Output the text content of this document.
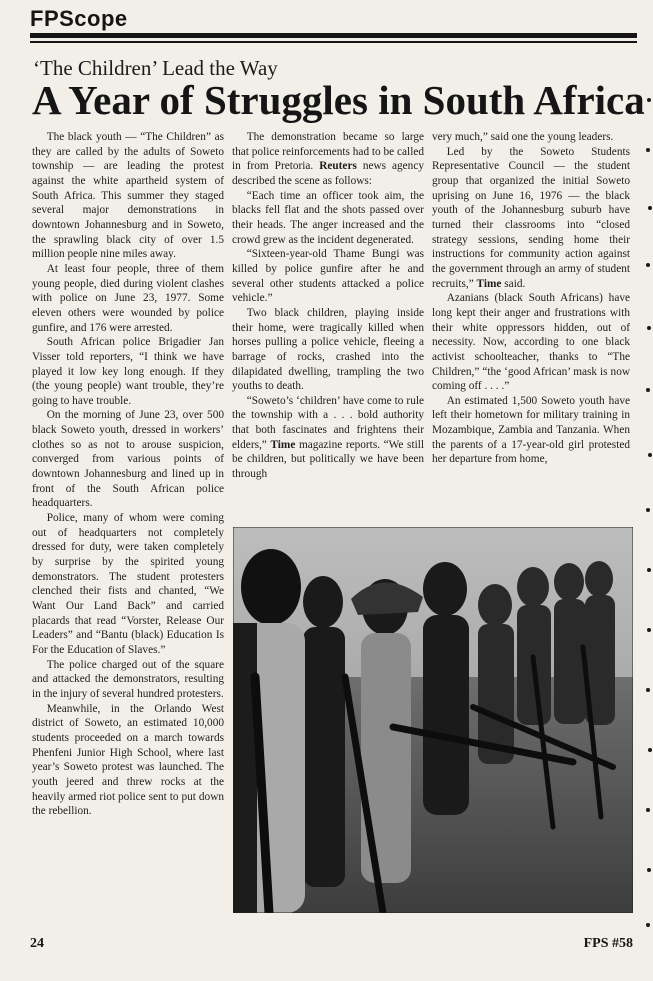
FPScope
‘The Children’ Lead the Way
A Year of Struggles in South Africa

The black youth — “The Children” as they are called by the adults of Soweto township — are leading the protest against the white apartheid system of South Africa. This summer they staged several major demonstrations in downtown Johannesburg and in Soweto, the sprawling black city of over 1.5 million people nine miles away.

At least four people, three of them young people, died during violent clashes with police on June 23, 1977. Some eleven others were wounded by police gunfire, and 176 were arrested.

South African police Brigadier Jan Visser told reporters, “I think we have played it low key long enough. If they (the young people) want trouble, they’re going to have trouble.

On the morning of June 23, over 500 black Soweto youth, dressed in workers’ clothes so as not to arouse suspicion, converged from various points of downtown Johannesburg and lined up in front of the South African police headquarters.

Police, many of whom were coming out of headquarters not completely dressed for duty, were taken completely by surprise by the spirited young demonstrators. The student protesters clenched their fists and chanted, “We Want Our Land Back” and carried placards that read “Vorster, Release Our Leaders” and “Bantu (black) Education Is For the Education of Slaves.”

The police charged out of the square and attacked the demonstrators, resulting in the injury of several hundred protesters.

Meanwhile, in the Orlando West district of Soweto, an estimated 10,000 students proceeded on a march towards Phenfeni Junior High School, where last year’s Soweto protest was launched. The youth jeered and threw rocks at the heavily armed riot police sent to put down the rebellion.

The demonstration became so large that police reinforcements had to be called in from Pretoria. Reuters news agency described the scene as follows:

“Each time an officer took aim, the blacks fell flat and the shots passed over their heads. The anger increased and the crowd grew as the incident degenerated.

“Sixteen-year-old Thame Bungi was killed by police gunfire after he and several other students attacked a police vehicle.”

Two black children, playing inside their home, were tragically killed when horses pulling a police vehicle, fleeing a barrage of rocks, crashed into the dilapidated dwelling, trampling the two youths to death.

“Soweto’s ‘children’ have come to rule the township with a . . . bold authority that both fascinates and frightens their elders,” Time magazine reports. “We still be children, but politically we have been through

very much,” said one the young leaders.

Led by the Soweto Students Representative Council — the student group that organized the initial Soweto uprising on June 16, 1976 — the black youth of the Johannesburg suburb have turned their classrooms into “closed strategy sessions, sending home their instructions for community action against the government through an army of student recruits,” Time said.

Azanians (black South Africans) have long kept their anger and frustrations with their white oppressors hidden, out of necessity. Now, according to one black activist schoolteacher, thanks to “The Children,” “the ‘good African’ mask is now coming off . . . .”

An estimated 1,500 Soweto youth have left their hometown for military training in Mozambique, Zambia and Tanzania. When the parents of a 17-year-old girl protested her departure from home,

24	FPS #58
